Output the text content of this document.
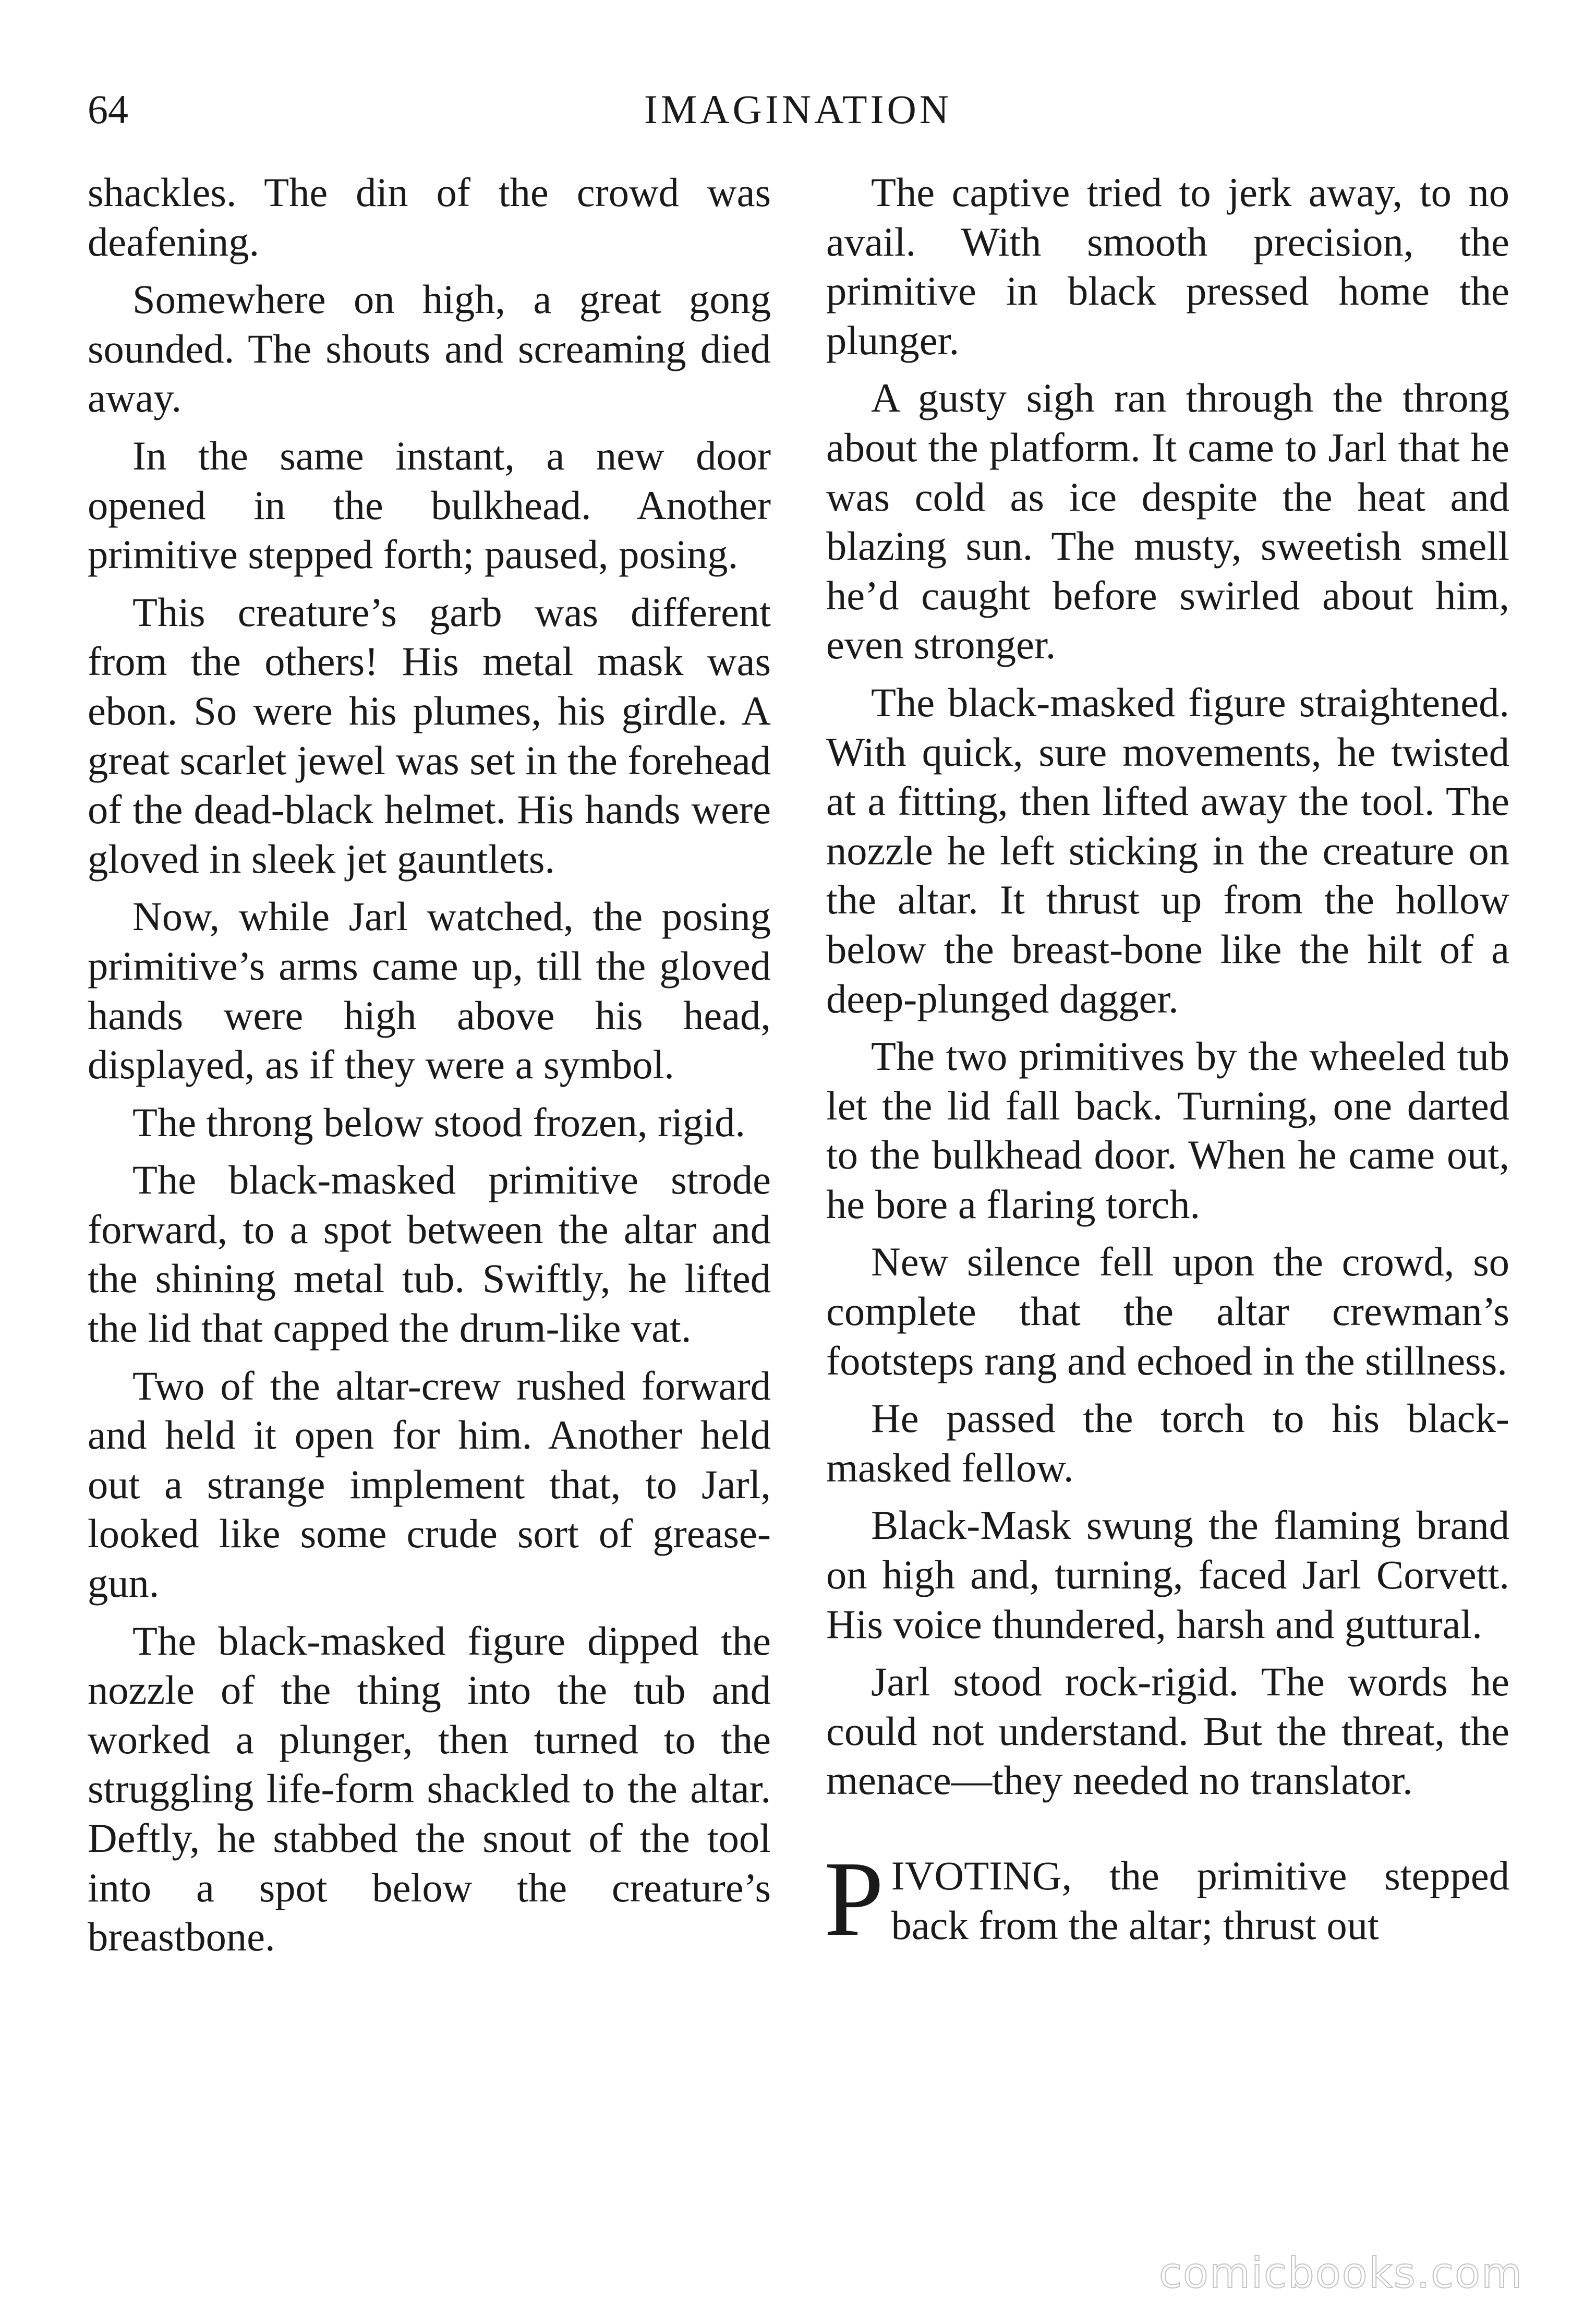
64	IMAGINATION

shackles. The din of the crowd was deafening.

Somewhere on high, a great gong sounded. The shouts and screaming died away.

In the same instant, a new door opened in the bulkhead. Another primitive stepped forth; paused, posing.

This creature’s garb was different from the others! His metal mask was ebon. So were his plumes, his girdle. A great scarlet jewel was set in the forehead of the dead-black helmet. His hands were gloved in sleek jet gauntlets.

Now, while Jarl watched, the posing primitive’s arms came up, till the gloved hands were high above his head, displayed, as if they were a symbol.

The throng below stood frozen, rigid.

The black-masked primitive strode forward, to a spot between the altar and the shining metal tub. Swiftly, he lifted the lid that capped the drum-like vat.

Two of the altar-crew rushed forward and held it open for him. Another held out a strange implement that, to Jarl, looked like some crude sort of grease-gun.

The black-masked figure dipped the nozzle of the thing into the tub and worked a plunger, then turned to the struggling life-form shackled to the altar. Deftly, he stabbed the snout of the tool into a spot below the creature’s breastbone.

The captive tried to jerk away, to no avail. With smooth precision, the primitive in black pressed home the plunger.

A gusty sigh ran through the throng about the platform. It came to Jarl that he was cold as ice despite the heat and blazing sun. The musty, sweetish smell he’d caught before swirled about him, even stronger.

The black-masked figure straightened. With quick, sure movements, he twisted at a fitting, then lifted away the tool. The nozzle he left sticking in the creature on the altar. It thrust up from the hollow below the breast-bone like the hilt of a deep-plunged dagger.

The two primitives by the wheeled tub let the lid fall back. Turning, one darted to the bulkhead door. When he came out, he bore a flaring torch.

New silence fell upon the crowd, so complete that the altar crewman’s footsteps rang and echoed in the stillness.

He passed the torch to his black-masked fellow.

Black-Mask swung the flaming brand on high and, turning, faced Jarl Corvett. His voice thundered, harsh and guttural.

Jarl stood rock-rigid. The words he could not understand. But the threat, the menace—they needed no translator.

PIVOTING, the primitive stepped back from the altar; thrust out

comicbooks.com
